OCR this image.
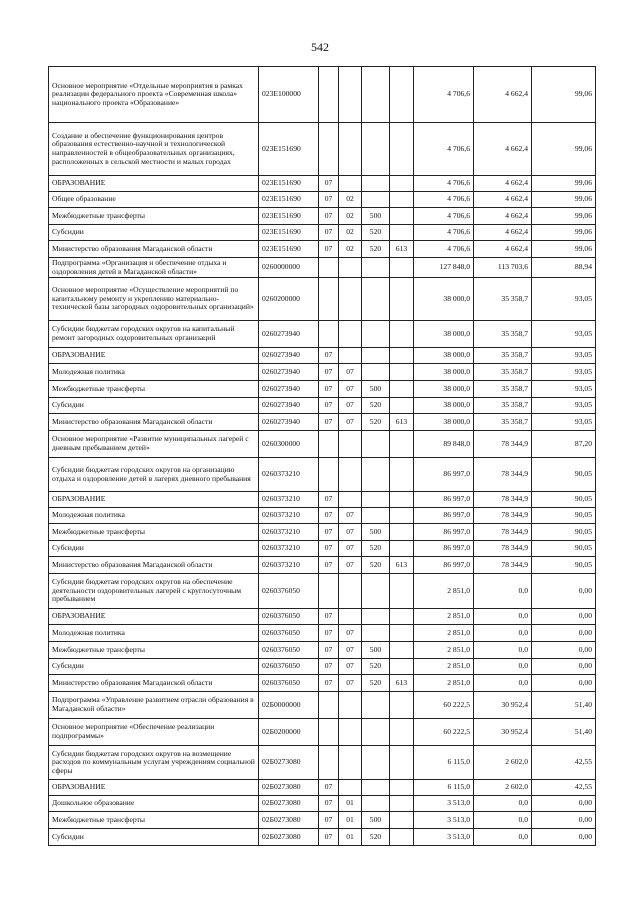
542
Основное мероприятие «Отдельные мероприятия в рамках реализации федерального проекта «Современная школа» национального проекта «Образование»	023E100000					4 706,6	4 662,4	99,06
Создание и обеспечение функционирования центров образования естественно-научной и технологической направленностей в общеобразовательных организациях, расположенных в сельской местности и малых городах	023E151690					4 706,6	4 662,4	99,06
ОБРАЗОВАНИЕ	023E151690	07				4 706,6	4 662,4	99,06
Общее образование	023E151690	07	02			4 706,6	4 662,4	99,06
Межбюджетные трансферты	023E151690	07	02	500		4 706,6	4 662,4	99,06
Субсидии	023E151690	07	02	520		4 706,6	4 662,4	99,06
Министерство образования Магаданской области	023E151690	07	02	520	613	4 706,6	4 662,4	99,06
Подпрограмма «Организация и обеспечение отдыха и оздоровления детей в Магаданской области»	0260000000					127 848,0	113 703,6	88,94
Основное мероприятие «Осуществление мероприятий по капитальному ремонту и укреплению материально-технической базы загородных оздоровительных организаций»	0260200000					38 000,0	35 358,7	93,05
Субсидии бюджетам городских округов на капитальный ремонт загородных оздоровительных организаций	0260273940					38 000,0	35 358,7	93,05
ОБРАЗОВАНИЕ	0260273940	07				38 000,0	35 358,7	93,05
Молодежная политика	0260273940	07	07			38 000,0	35 358,7	93,05
Межбюджетные трансферты	0260273940	07	07	500		38 000,0	35 358,7	93,05
Субсидии	0260273940	07	07	520		38 000,0	35 358,7	93,05
Министерство образования Магаданской области	0260273940	07	07	520	613	38 000,0	35 358,7	93,05
Основное мероприятие «Развитие муниципальных лагерей с дневным пребыванием детей»	0260300000					89 848,0	78 344,9	87,20
Субсидии бюджетам городских округов на организацию отдыха и оздоровление детей в лагерях дневного пребывания	0260373210					86 997,0	78 344,9	90,05
ОБРАЗОВАНИЕ	0260373210	07				86 997,0	78 344,9	90,05
Молодежная политика	0260373210	07	07			86 997,0	78 344,9	90,05
Межбюджетные трансферты	0260373210	07	07	500		86 997,0	78 344,9	90,05
Субсидии	0260373210	07	07	520		86 997,0	78 344,9	90,05
Министерство образования Магаданской области	0260373210	07	07	520	613	86 997,0	78 344,9	90,05
Субсидии бюджетам городских округов на обеспечение деятельности оздоровительных лагерей с круглосуточным пребыванием	0260376050					2 851,0	0,0	0,00
ОБРАЗОВАНИЕ	0260376050	07				2 851,0	0,0	0,00
Молодежная политика	0260376050	07	07			2 851,0	0,0	0,00
Межбюджетные трансферты	0260376050	07	07	500		2 851,0	0,0	0,00
Субсидии	0260376050	07	07	520		2 851,0	0,0	0,00
Министерство образования Магаданской области	0260376050	07	07	520	613	2 851,0	0,0	0,00
Подпрограмма «Управление развитием отрасли образования в Магаданской области»	02Б0000000					60 222,5	30 952,4	51,40
Основное мероприятие «Обеспечение реализации подпрограммы»	02Б0200000					60 222,5	30 952,4	51,40
Субсидии бюджетам городских округов на возмещение расходов по коммунальным услугам учреждениям социальной сферы	02Б0273080					6 115,0	2 602,0	42,55
ОБРАЗОВАНИЕ	02Б0273080	07				6 115,0	2 602,0	42,55
Дошкольное образование	02Б0273080	07	01			3 513,0	0,0	0,00
Межбюджетные трансферты	02Б0273080	07	01	500		3 513,0	0,0	0,00
Субсидии	02Б0273080	07	01	520		3 513,0	0,0	0,00
